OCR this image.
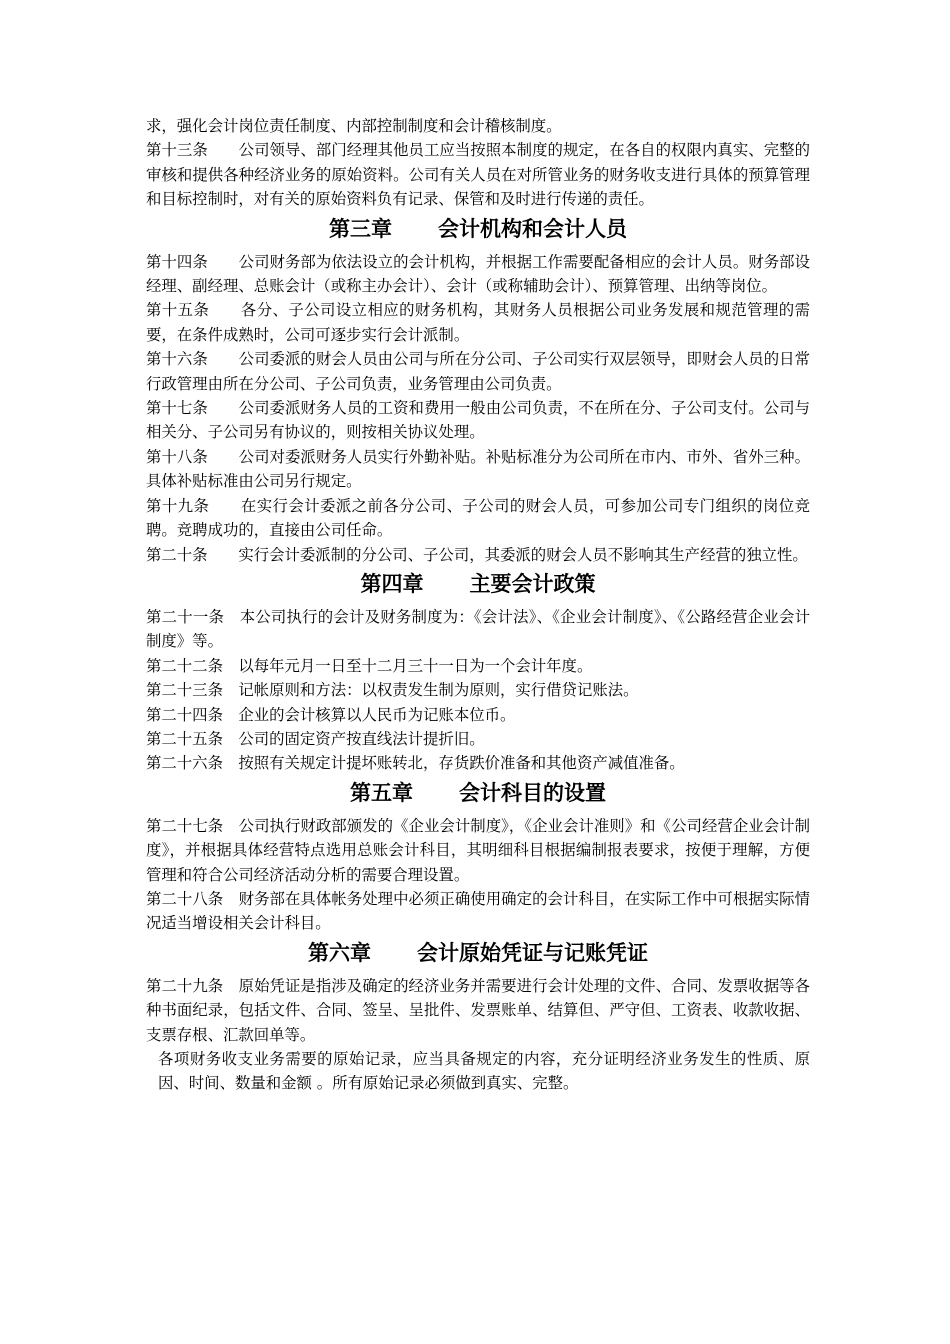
求，强化会计岗位责任制度、内部控制制度和会计稽核制度。

第十三条　　公司领导、部门经理其他员工应当按照本制度的规定，在各自的权限内真实、完整的审核和提供各种经济业务的原始资料。公司有关人员在对所管业务的财务收支进行具体的预算管理和目标控制时，对有关的原始资料负有记录、保管和及时进行传递的责任。

第三章 会计机构和会计人员

第十四条　　公司财务部为依法设立的会计机构，并根据工作需要配备相应的会计人员。财务部设经理、副经理、总账会计（或称主办会计）、会计（或称辅助会计）、预算管理、出纳等岗位。

第十五条　　各分、子公司设立相应的财务机构，其财务人员根据公司业务发展和规范管理的需要，在条件成熟时，公司可逐步实行会计派制。

第十六条　　公司委派的财会人员由公司与所在分公司、子公司实行双层领导，即财会人员的日常行政管理由所在分公司、子公司负责，业务管理由公司负责。

第十七条　　公司委派财务人员的工资和费用一般由公司负责，不在所在分、子公司支付。公司与相关分、子公司另有协议的，则按相关协议处理。

第十八条　　公司对委派财务人员实行外勤补贴。补贴标准分为公司所在市内、市外、省外三种。具体补贴标准由公司另行规定。

第十九条　　在实行会计委派之前各分公司、子公司的财会人员，可参加公司专门组织的岗位竞聘。竞聘成功的，直接由公司任命。

第二十条　　实行会计委派制的分公司、子公司，其委派的财会人员不影响其生产经营的独立性。

第四章 主要会计政策

第二十一条　本公司执行的会计及财务制度为：《会计法》、《企业会计制度》、《公路经营企业会计制度》等。

第二十二条　以每年元月一日至十二月三十一日为一个会计年度。

第二十三条　记帐原则和方法：以权责发生制为原则，实行借贷记账法。

第二十四条　企业的会计核算以人民币为记账本位币。

第二十五条　公司的固定资产按直线法计提折旧。

第二十六条　按照有关规定计提坏账转北，存货跌价准备和其他资产减值准备。

第五章 会计科目的设置

第二十七条　公司执行财政部颁发的《企业会计制度》，《企业会计准则》和《公司经营企业会计制度》，并根据具体经营特点选用总账会计科目，其明细科目根据编制报表要求，按便于理解，方便管理和符合公司经济活动分析的需要合理设置。

第二十八条　财务部在具体帐务处理中必须正确使用确定的会计科目，在实际工作中可根据实际情况适当增设相关会计科目。

第六章 会计原始凭证与记账凭证

第二十九条　原始凭证是指涉及确定的经济业务并需要进行会计处理的文件、合同、发票收据等各种书面纪录，包括文件、合同、签呈、呈批件、发票账单、结算但、严守但、工资表、收款收据、支票存根、汇款回单等。

各项财务收支业务需要的原始记录，应当具备规定的内容，充分证明经济业务发生的性质、原因、时间、数量和金额 。所有原始记录必须做到真实、完整。
